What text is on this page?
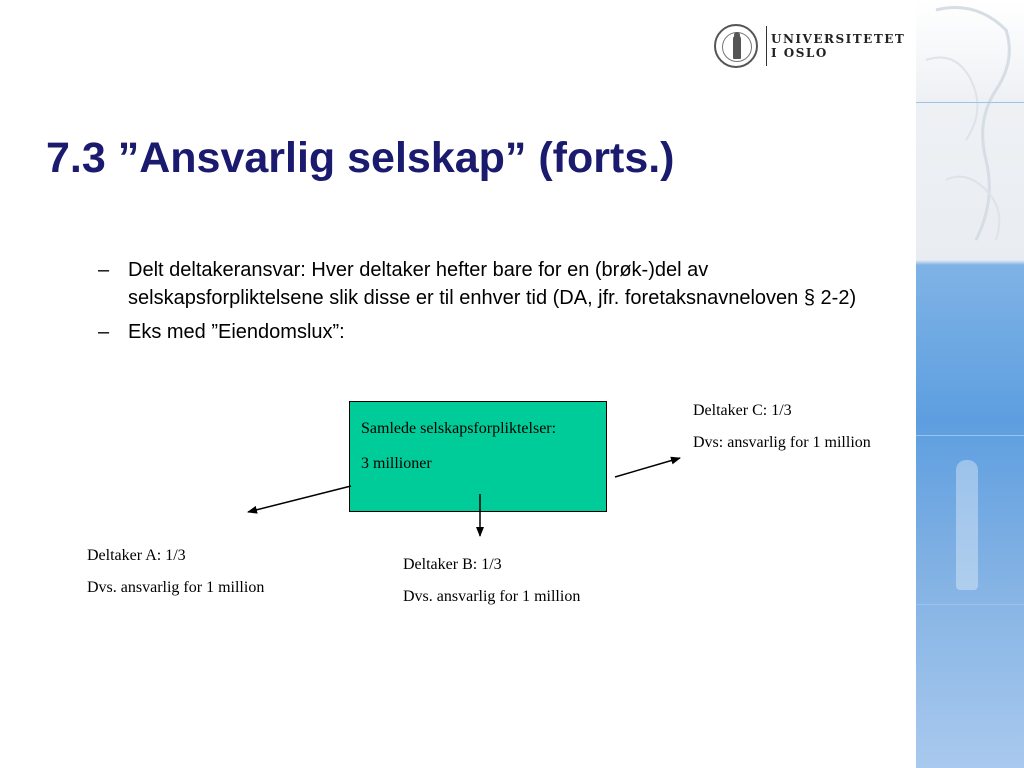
UNIVERSITETET
I OSLO
7.3 ”Ansvarlig selskap” (forts.)
– Delt deltakeransvar: Hver deltaker hefter bare for en (brøk-)del av selskapsforpliktelsene slik disse er til enhver tid (DA, jfr. foretaksnavneloven § 2-2)
– Eks med ”Eiendomslux”:
Samlede selskapsforpliktelser:
3 millioner

Deltaker A: 1/3

Dvs. ansvarlig for 1 million

Deltaker B: 1/3

Dvs. ansvarlig for 1 million

Deltaker C: 1/3

Dvs: ansvarlig for 1 million
